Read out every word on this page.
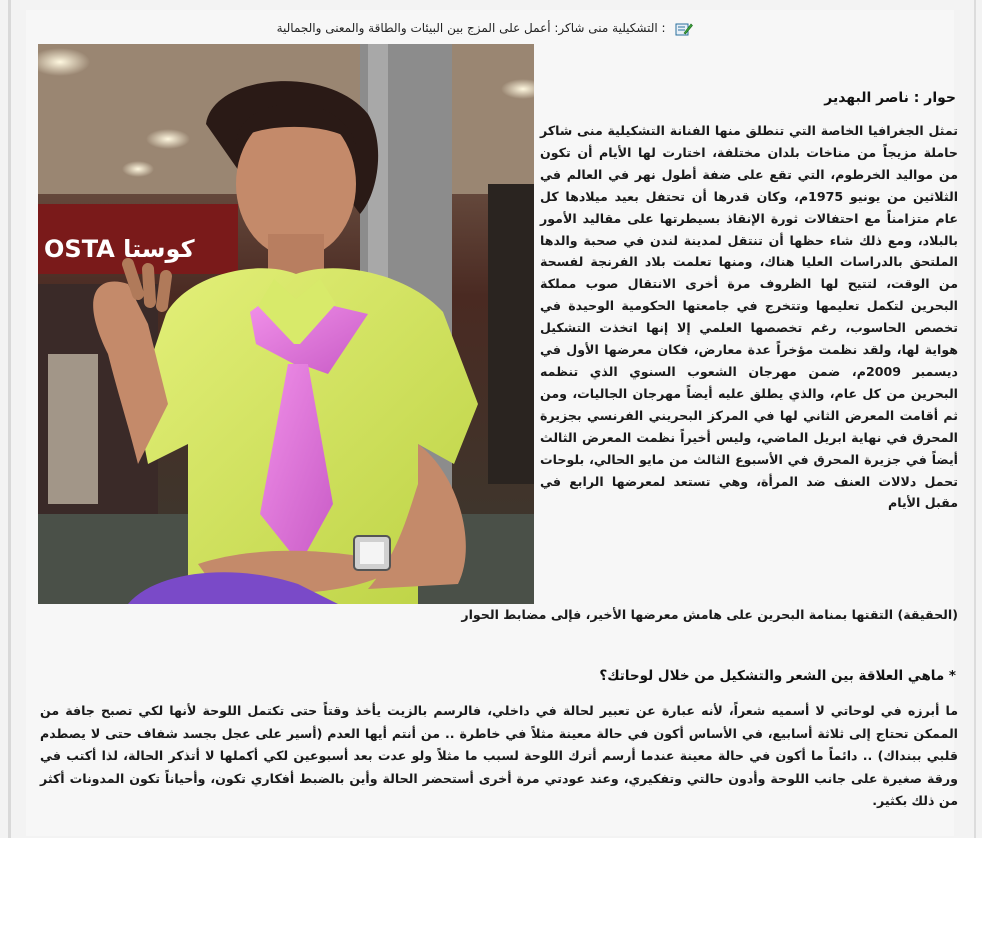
: التشكيلية منى شاكر: أعمل على المزج بين البيئات والطاقة والمعنى والجمالية
OSTA كوستا
حوار : ناصر البهدير
تمثل الجغرافيا الخاصة التي تنطلق منها الفنانة التشكيلية منى شاكر حاملة مزيجاً من مناخات بلدان مختلفة، اختارت لها الأيام أن تكون من مواليد الخرطوم، التي تقع على ضفة أطول نهر في العالم في الثلاثين من يونيو 1975م، وكان قدرها أن تحتفل بعيد ميلادها كل عام متزامناً مع احتفالات ثورة الإنقاذ بسيطرتها على مقاليد الأمور بالبلاد، ومع ذلك شاء حظها أن تنتقل لمدينة لندن في صحبة والدها الملتحق بالدراسات العليا هناك، ومنها تعلمت بلاد الفرنجة لفسحة من الوقت، لتتيح لها الظروف مرة أخرى الانتقال صوب مملكة البحرين لتكمل تعليمها وتتخرج في جامعتها الحكومية الوحيدة في تخصص الحاسوب، رغم تخصصها العلمي إلا إنها اتخذت التشكيل هواية لها، ولقد نظمت مؤخراً عدة معارض، فكان معرضها الأول في ديسمبر 2009م، ضمن مهرجان الشعوب السنوي الذي تنظمه البحرين من كل عام، والذي يطلق عليه أيضاً مهرجان الجاليات، ومن ثم أقامت المعرض الثاني لها في المركز البحريني الفرنسي بجزيرة المحرق في نهاية ابريل الماضي، وليس أخيراً نظمت المعرض الثالث أيضاً في جزيرة المحرق في الأسبوع الثالث من مايو الحالي، بلوحات تحمل دلالات العنف ضد المرأة، وهي تستعد لمعرضها الرابع في مقبل الأيام
(الحقيقة) التقتها بمنامة البحرين على هامش معرضها الأخير، فإلى مضابط الحوار
* ماهي العلاقة بين الشعر والتشكيل من خلال لوحاتك؟
ما أبرزه في لوحاتي لا أسميه شعراً، لأنه عبارة عن تعبير لحالة في داخلي، فالرسم بالزيت يأخذ وقتاً حتى تكتمل اللوحة لأنها لكي تصبح جافة من الممكن تحتاج إلى ثلاثة أسابيع، في الأساس أكون في حالة معينة مثلاً في خاطرة .. من أنتم أيها العدم (أسير على عجل بجسد شفاف حتى لا يصطدم قلبي ببنداك) .. دائماً ما أكون في حالة معينة عندما أرسم أترك اللوحة لسبب ما مثلاً ولو عدت بعد أسبوعين لكي أكملها لا أتذكر الحالة، لذا أكتب في ورقة صغيرة على جانب اللوحة وأدون حالتي وتفكيري، وعند عودتي مرة أخرى أستحضر الحالة وأين بالضبط أفكاري تكون، وأحياناً تكون المدونات أكثر من ذلك بكثير.
